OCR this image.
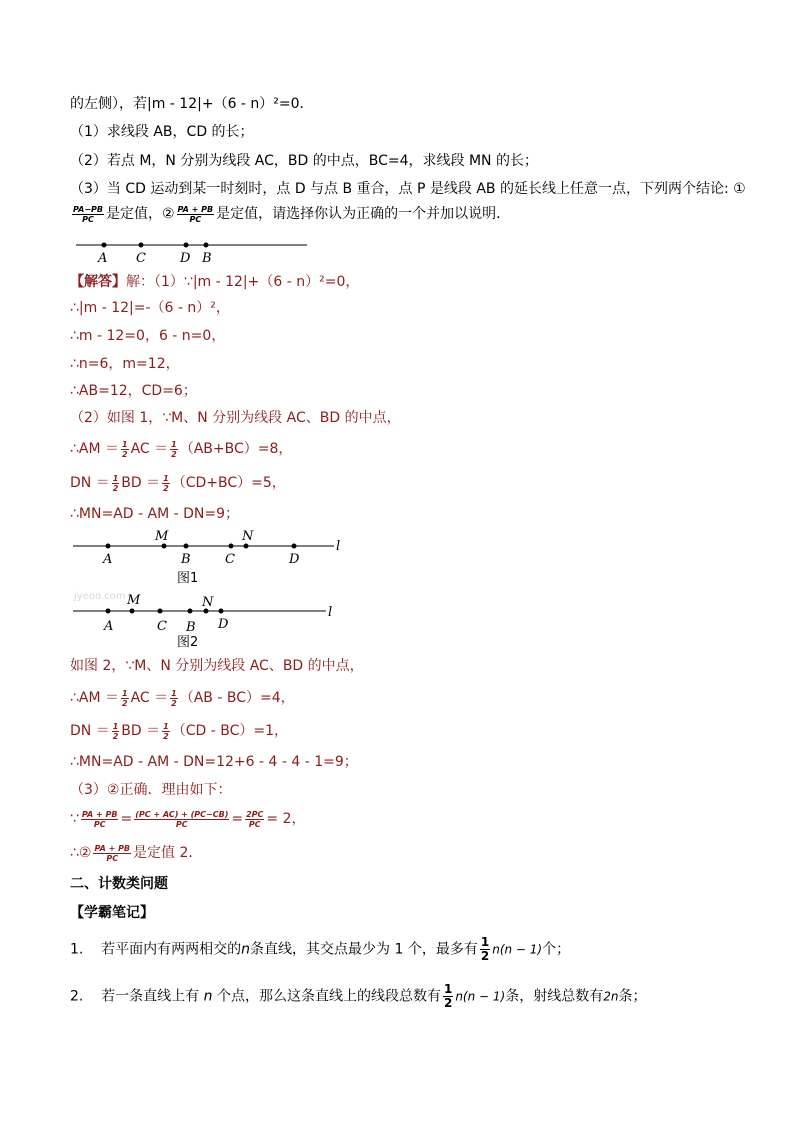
的左侧），若|m - 12|+（6 - n）²=0．
（1）求线段 AB，CD 的长；
（2）若点 M，N 分别为线段 AC，BD 的中点，BC=4，求线段 MN 的长；
（3）当 CD 运动到某一时刻时，点 D 与点 B 重合，点 P 是线段 AB 的延长线上任意一点，下列两个结论: ①
$\frac{PA-PB}{PC}$ 是定值，② $\frac{PA + PB}{PC}$ 是定值，请选择你认为正确的一个并加以说明．
A C	D B
A
M
B	C
N
D
l
图1
jyeoo.com
A
M
C B
N
D
l
图2
【解答】解：（1）∵|m - 12|+（6 - n）²=0，
∴|m - 12|=-（6 - n）²，
∴m - 12=0，6 - n=0，
∴n=6，m=12，
∴AB=12，CD=6；
（2）如图 1，∵M、N 分别为线段 AC、BD 的中点，
∴AM ＝ $\frac{1}{2}$ AC ＝ $\frac{1}{2} (AB+BC)=8$，
DN ＝ $\frac{1}{2}$ BD ＝ $\frac{1}{2} (CD+BC)=5$，
∴MN=AD - AM - DN=9；
如图 2，∵M、N 分别为线段 AC、BD 的中点，
∴AM ＝ $\frac{1}{2}$ AC ＝ $\frac{1}{2} (AB - BC)=4$，
DN ＝ $\frac{1}{2}$ BD ＝ $\frac{1}{2} (CD - BC)=1$，
∴MN=AD - AM - DN=12+6 - 4 - 4 - 1=9；
（3）②正确．理由如下：
∵ $\frac{PA + PB}{PC} = \frac{(PC + AC) + (PC-CB)}{PC} = \frac{2PC}{PC} = 2$，
∴② $\frac{PA + PB}{PC}$ 是定值 2．
二、计数类问题
【学霸笔记】
1. 若平面内有两两相交的n条直线，其交点最少为 1 个，最多有 $\frac{1}{2} n(n - 1)$个；
2. 若一条直线上有 n 个点，那么这条直线上的线段总数有 $\frac{1}{2} n(n - 1)$条，射线总数有2n条；
